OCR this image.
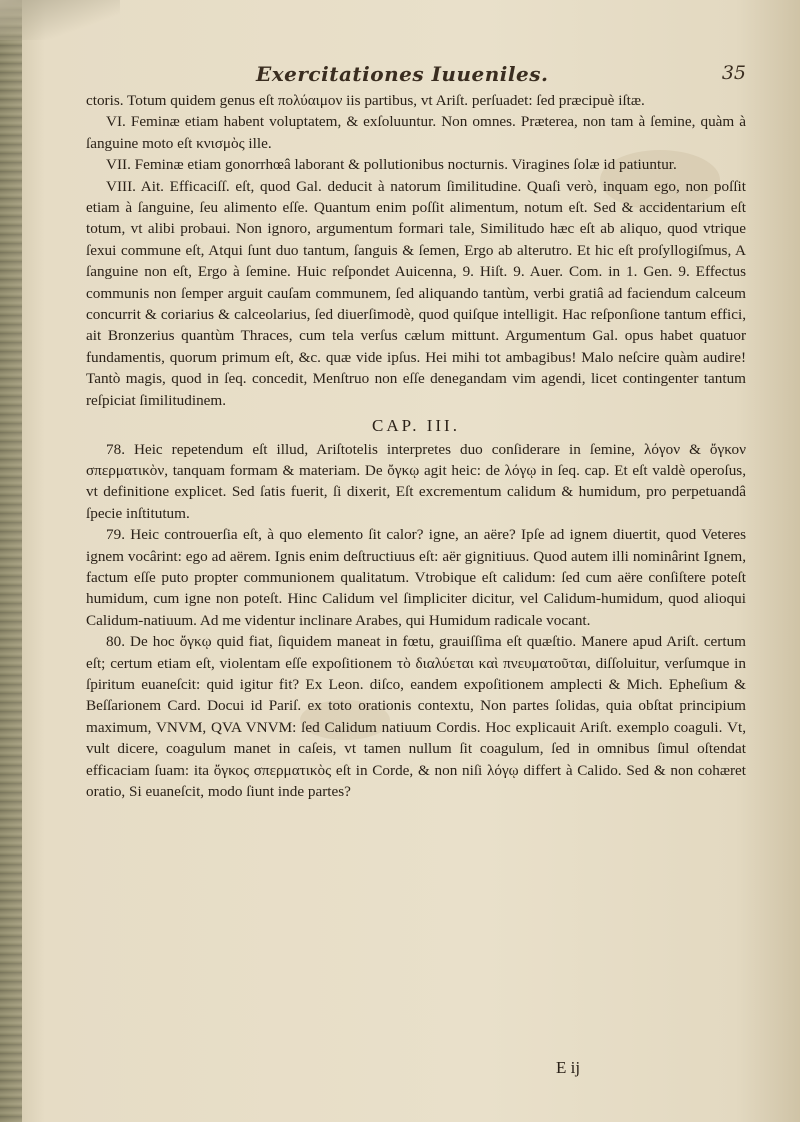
Exercitationes Iuueniles.	35

ctoris. Totum quidem genus eſt πολύαιμον iis partibus, vt Ariſt. perſuadet: ſed præcipuè iſtæ.

VI. Feminæ etiam habent voluptatem, & exſoluuntur. Non omnes. Præterea, non tam à ſemine, quàm à ſanguine moto eſt κνισμὸς ille.

VII. Feminæ etiam gonorrhœâ laborant & pollutionibus nocturnis. Viragines ſolæ id patiuntur.

VIII. Ait. Efficaciſſ. eſt, quod Gal. deducit à natorum ſimilitudine. Quaſi verò, inquam ego, non poſſit etiam à ſanguine, ſeu alimento eſſe. Quantum enim poſſit alimentum, notum eſt. Sed & accidentarium eſt totum, vt alibi probaui. Non ignoro, argumentum formari tale, Similitudo hæc eſt ab aliquo, quod vtrique ſexui commune eſt, Atqui ſunt duo tantum, ſanguis & ſemen, Ergo ab alterutro. Et hic eſt proſyllogiſmus, A ſanguine non eſt, Ergo à ſemine. Huic reſpondet Auicenna, 9. Hiſt. 9. Auer. Com. in 1. Gen. 9. Effectus communis non ſemper arguit cauſam communem, ſed aliquando tantùm, verbi gratiâ ad faciendum calceum concurrit & coriarius & calceolarius, ſed diuerſimodè, quod quiſque intelligit. Hac reſponſione tantum effici, ait Bronzerius quantùm Thraces, cum tela verſus cælum mittunt. Argumentum Gal. opus habet quatuor fundamentis, quorum primum eſt, &c. quæ vide ipſus. Hei mihi tot ambagibus! Malo neſcire quàm audire! Tantò magis, quod in ſeq. concedit, Menſtruo non eſſe denegandam vim agendi, licet contingenter tantum reſpiciat ſimilitudinem.

CAP. III.

78. Heic repetendum eſt illud, Ariſtotelis interpretes duo conſiderare in ſemine, λόγον & ὄγκον σπερματικὸν, tanquam formam & materiam. De ὄγκῳ agit heic: de λόγῳ in ſeq. cap. Et eſt valdè operoſus, vt definitione explicet. Sed ſatis fuerit, ſi dixerit, Eſt excrementum calidum & humidum, pro perpetuandâ ſpecie inſtitutum.

79. Heic controuerſia eſt, à quo elemento ſit calor? igne, an aëre? Ipſe ad ignem diuertit, quod Veteres ignem vocârint: ego ad aërem. Ignis enim deſtructiuus eſt: aër gignitiuus. Quod autem illi nominârint Ignem, factum eſſe puto propter communionem qualitatum. Vtrobique eſt calidum: ſed cum aëre conſiſtere poteſt humidum, cum igne non poteſt. Hinc Calidum vel ſimpliciter dicitur, vel Calidum-humidum, quod alioqui Calidum-natiuum. Ad me videntur inclinare Arabes, qui Humidum radicale vocant.

80. De hoc ὄγκῳ quid fiat, ſiquidem maneat in fœtu, grauiſſima eſt quæſtio. Manere apud Ariſt. certum eſt; certum etiam eſt, violentam eſſe expoſitionem τὸ διαλύεται καὶ πνευματοῦται, diſſoluitur, verſumque in ſpiritum euaneſcit: quid igitur fit? Ex Leon. diſco, eandem expoſitionem amplecti & Mich. Epheſium & Beſſarionem Card. Docui id Pariſ. ex toto orationis contextu, Non partes ſolidas, quia obſtat principium maximum, VNVM, QVA VNVM: ſed Calidum natiuum Cordis. Hoc explicauit Ariſt. exemplo coaguli. Vt, vult dicere, coagulum manet in caſeis, vt tamen nullum ſit coagulum, ſed in omnibus ſimul oſtendat efficaciam ſuam: ita ὄγκος σπερματικὸς eſt in Corde, & non niſi λόγῳ differt à Calido. Sed & non cohæret oratio, Si euaneſcit, modo ſiunt inde partes?

E ij
